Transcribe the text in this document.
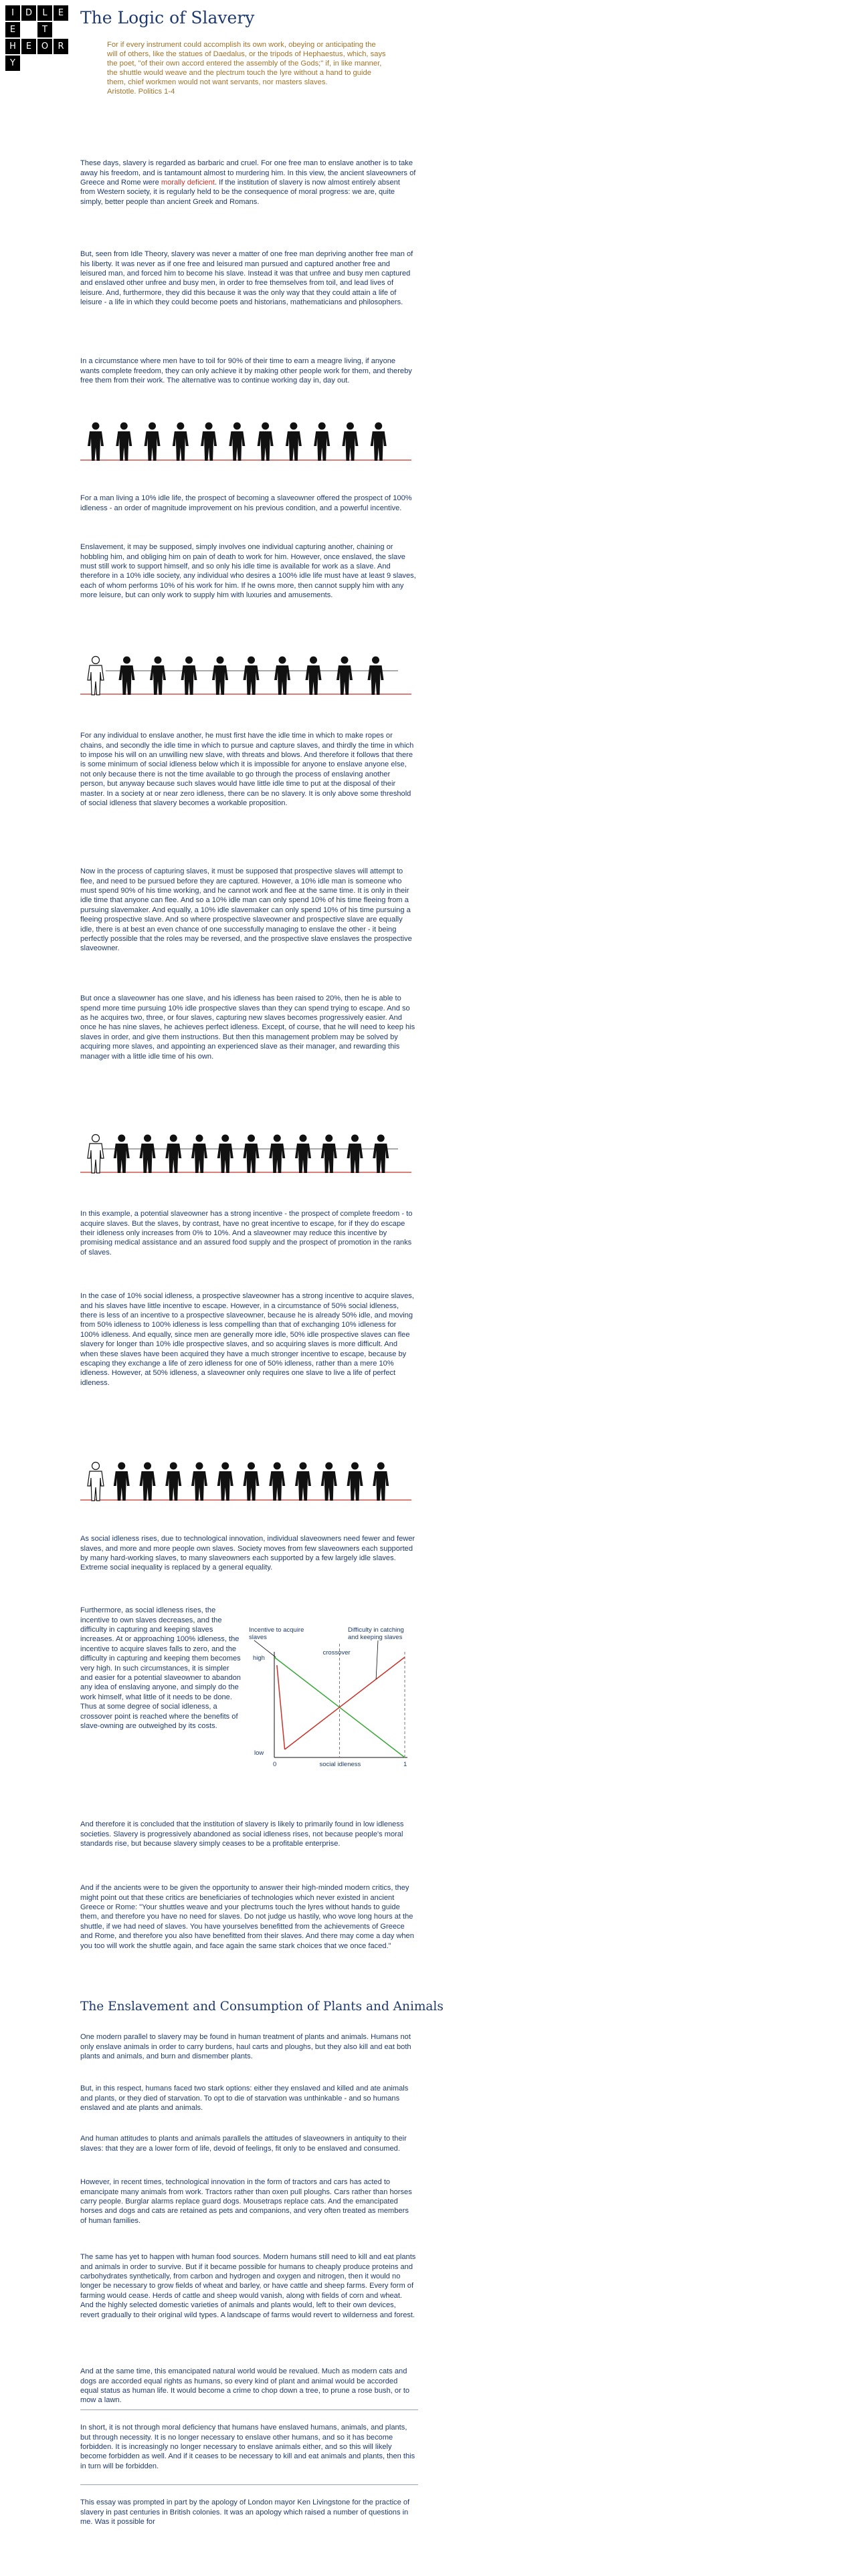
I	D	L	E
E	T
H	E	O	R
Y
The Logic of Slavery
For if every instrument could accomplish its own work, obeying or anticipating the will of others, like the statues of Daedalus, or the tripods of Hephaestus, which, says the poet, "of their own accord entered the assembly of the Gods;" if, in like manner, the shuttle would weave and the plectrum touch the lyre without a hand to guide them, chief workmen would not want servants, nor masters slaves.
Aristotle. Politics 1-4

These days, slavery is regarded as barbaric and cruel. For one free man to enslave another is to take away his freedom, and is tantamount almost to murdering him. In this view, the ancient slaveowners of Greece and Rome were morally deficient. If the institution of slavery is now almost entirely absent from Western society, it is regularly held to be the consequence of moral progress: we are, quite simply, better people than ancient Greek and Romans.

But, seen from Idle Theory, slavery was never a matter of one free man depriving another free man of his liberty. It was never as if one free and leisured man pursued and captured another free and leisured man, and forced him to become his slave. Instead it was that unfree and busy men captured and enslaved other unfree and busy men, in order to free themselves from toil, and lead lives of leisure. And, furthermore, they did this because it was the only way that they could attain a life of leisure - a life in which they could become poets and historians, mathematicians and philosophers.

In a circumstance where men have to toil for 90% of their time to earn a meagre living, if anyone wants complete freedom, they can only achieve it by making other people work for them, and thereby free them from their work. The alternative was to continue working day in, day out.

For a man living a 10% idle life, the prospect of becoming a slaveowner offered the prospect of 100% idleness - an order of magnitude improvement on his previous condition, and a powerful incentive.

Enslavement, it may be supposed, simply involves one individual capturing another, chaining or hobbling him, and obliging him on pain of death to work for him. However, once enslaved, the slave must still work to support himself, and so only his idle time is available for work as a slave. And therefore in a 10% idle society, any individual who desires a 100% idle life must have at least 9 slaves, each of whom performs 10% of his work for him. If he owns more, then cannot supply him with any more leisure, but can only work to supply him with luxuries and amusements.

For any individual to enslave another, he must first have the idle time in which to make ropes or chains, and secondly the idle time in which to pursue and capture slaves, and thirdly the time in which to impose his will on an unwilling new slave, with threats and blows. And therefore it follows that there is some minimum of social idleness below which it is impossible for anyone to enslave anyone else, not only because there is not the time available to go through the process of enslaving another person, but anyway because such slaves would have little idle time to put at the disposal of their master. In a society at or near zero idleness, there can be no slavery. It is only above some threshold of social idleness that slavery becomes a workable proposition.

Now in the process of capturing slaves, it must be supposed that prospective slaves will attempt to flee, and need to be pursued before they are captured. However, a 10% idle man is someone who must spend 90% of his time working, and he cannot work and flee at the same time. It is only in their idle time that anyone can flee. And so a 10% idle man can only spend 10% of his time fleeing from a pursuing slavemaker. And equally, a 10% idle slavemaker can only spend 10% of his time pursuing a fleeing prospective slave. And so where prospective slaveowner and prospective slave are equally idle, there is at best an even chance of one successfully managing to enslave the other - it being perfectly possible that the roles may be reversed, and the prospective slave enslaves the prospective slaveowner.

But once a slaveowner has one slave, and his idleness has been raised to 20%, then he is able to spend more time pursuing 10% idle prospective slaves than they can spend trying to escape. And so as he acquires two, three, or four slaves, capturing new slaves becomes progressively easier. And once he has nine slaves, he achieves perfect idleness. Except, of course, that he will need to keep his slaves in order, and give them instructions. But then this management problem may be solved by acquiring more slaves, and appointing an experienced slave as their manager, and rewarding this manager with a little idle time of his own.

In this example, a potential slaveowner has a strong incentive - the prospect of complete freedom - to acquire slaves. But the slaves, by contrast, have no great incentive to escape, for if they do escape their idleness only increases from 0% to 10%. And a slaveowner may reduce this incentive by promising medical assistance and an assured food supply and the prospect of promotion in the ranks of slaves.

In the case of 10% social idleness, a prospective slaveowner has a strong incentive to acquire slaves, and his slaves have little incentive to escape. However, in a circumstance of 50% social idleness, there is less of an incentive to a prospective slaveowner, because he is already 50% idle, and moving from 50% idleness to 100% idleness is less compelling than that of exchanging 10% idleness for 100% idleness. And equally, since men are generally more idle, 50% idle prospective slaves can flee slavery for longer than 10% idle prospective slaves, and so acquiring slaves is more difficult. And when these slaves have been acquired they have a much stronger incentive to escape, because by escaping they exchange a life of zero idleness for one of 50% idleness, rather than a mere 10% idleness. However, at 50% idleness, a slaveowner only requires one slave to live a life of perfect idleness.

As social idleness rises, due to technological innovation, individual slaveowners need fewer and fewer slaves, and more and more people own slaves. Society moves from few slaveowners each supported by many hard-working slaves, to many slaveowners each supported by a few largely idle slaves. Extreme social inequality is replaced by a general equality.

Furthermore, as social idleness rises, the incentive to own slaves decreases, and the difficulty in capturing and keeping slaves increases. At or approaching 100% idleness, the incentive to acquire slaves falls to zero, and the difficulty in capturing and keeping them becomes very high. In such circumstances, it is simpler and easier for a potential slaveowner to abandon any idea of enslaving anyone, and simply do the work himself, what little of it needs to be done. Thus at some degree of social idleness, a crossover point is reached where the benefits of slave-owning are outweighed by its costs.

Incentive to acquire slaves
Difficulty in catching and keeping slaves
crossover
high
low
0	1
social idleness

And therefore it is concluded that the institution of slavery is likely to primarily found in low idleness societies. Slavery is progressively abandoned as social idleness rises, not because people's moral standards rise, but because slavery simply ceases to be a profitable enterprise.

And if the ancients were to be given the opportunity to answer their high-minded modern critics, they might point out that these critics are beneficiaries of technologies which never existed in ancient Greece or Rome: "Your shuttles weave and your plectrums touch the lyres without hands to guide them, and therefore you have no need for slaves. Do not judge us hastily, who wove long hours at the shuttle, if we had need of slaves. You have yourselves benefitted from the achievements of Greece and Rome, and therefore you also have benefitted from their slaves. And there may come a day when you too will work the shuttle again, and face again the same stark choices that we once faced."

The Enslavement and Consumption of Plants and Animals

One modern parallel to slavery may be found in human treatment of plants and animals. Humans not only enslave animals in order to carry burdens, haul carts and ploughs, but they also kill and eat both plants and animals, and burn and dismember plants.

But, in this respect, humans faced two stark options: either they enslaved and killed and ate animals and plants, or they died of starvation. To opt to die of starvation was unthinkable - and so humans enslaved and ate plants and animals.

And human attitudes to plants and animals parallels the attitudes of slaveowners in antiquity to their slaves: that they are a lower form of life, devoid of feelings, fit only to be enslaved and consumed.

However, in recent times, technological innovation in the form of tractors and cars has acted to emancipate many animals from work. Tractors rather than oxen pull ploughs. Cars rather than horses carry people. Burglar alarms replace guard dogs. Mousetraps replace cats. And the emancipated horses and dogs and cats are retained as pets and companions, and very often treated as members of human families.

The same has yet to happen with human food sources. Modern humans still need to kill and eat plants and animals in order to survive. But if it became possible for humans to cheaply produce proteins and carbohydrates synthetically, from carbon and hydrogen and oxygen and nitrogen, then it would no longer be necessary to grow fields of wheat and barley, or have cattle and sheep farms. Every form of farming would cease. Herds of cattle and sheep would vanish, along with fields of corn and wheat. And the highly selected domestic varieties of animals and plants would, left to their own devices, revert gradually to their original wild types. A landscape of farms would revert to wilderness and forest.

And at the same time, this emancipated natural world would be revalued. Much as modern cats and dogs are accorded equal rights as humans, so every kind of plant and animal would be accorded equal status as human life. It would become a crime to chop down a tree, to prune a rose bush, or to mow a lawn.

In short, it is not through moral deficiency that humans have enslaved humans, animals, and plants, but through necessity. It is no longer necessary to enslave other humans, and so it has become forbidden. It is increasingly no longer necessary to enslave animals either, and so this will likely become forbidden as well. And if it ceases to be necessary to kill and eat animals and plants, then this in turn will be forbidden.

This essay was prompted in part by the apology of London mayor Ken Livingstone for the practice of slavery in past centuries in British colonies. It was an apology which raised a number of questions in me. Was it possible for
